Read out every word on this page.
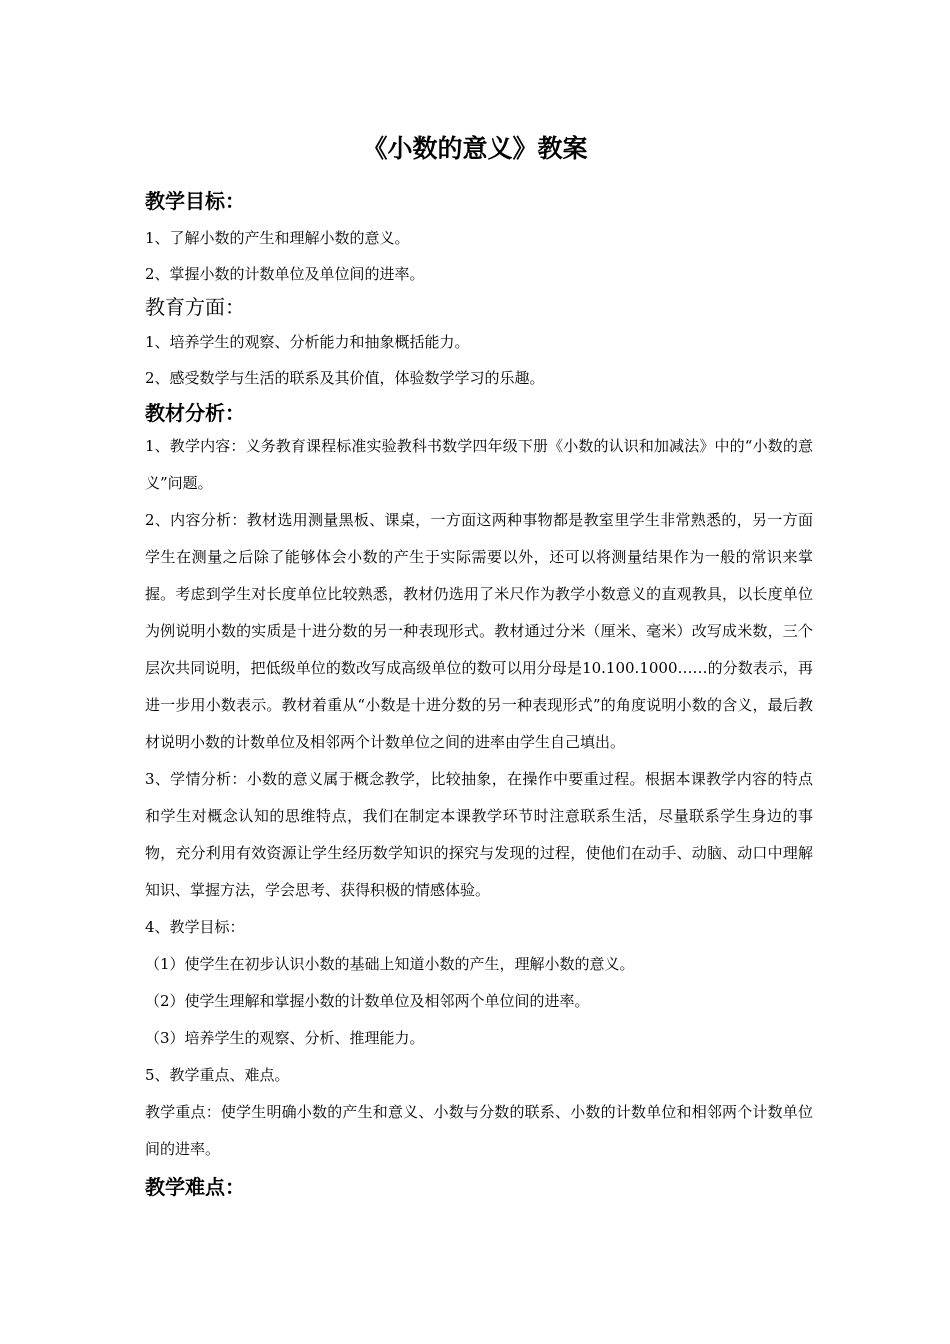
《小数的意义》教案
教学目标：

1、了解小数的产生和理解小数的意义。

2、掌握小数的计数单位及单位间的进率。

教育方面：

1、培养学生的观察、分析能力和抽象概括能力。

2、感受数学与生活的联系及其价值，体验数学学习的乐趣。

教材分析：

1、教学内容：义务教育课程标准实验教科书数学四年级下册《小数的认识和加减法》中的“小数的意义”问题。

2、内容分析：教材选用测量黑板、课桌，一方面这两种事物都是教室里学生非常熟悉的，另一方面学生在测量之后除了能够体会小数的产生于实际需要以外，还可以将测量结果作为一般的常识来掌握。考虑到学生对长度单位比较熟悉，教材仍选用了米尺作为教学小数意义的直观教具，以长度单位为例说明小数的实质是十进分数的另一种表现形式。教材通过分米（厘米、毫米）改写成米数，三个层次共同说明，把低级单位的数改写成高级单位的数可以用分母是10.100.1000……的分数表示，再进一步用小数表示。教材着重从“小数是十进分数的另一种表现形式”的角度说明小数的含义，最后教材说明小数的计数单位及相邻两个计数单位之间的进率由学生自己填出。

3、学情分析：小数的意义属于概念教学，比较抽象，在操作中要重过程。根据本课教学内容的特点和学生对概念认知的思维特点，我们在制定本课教学环节时注意联系生活，尽量联系学生身边的事物，充分利用有效资源让学生经历数学知识的探究与发现的过程，使他们在动手、动脑、动口中理解知识、掌握方法，学会思考、获得积极的情感体验。

4、教学目标：

（1）使学生在初步认识小数的基础上知道小数的产生，理解小数的意义。

（2）使学生理解和掌握小数的计数单位及相邻两个单位间的进率。

（3）培养学生的观察、分析、推理能力。

5、教学重点、难点。

教学重点：使学生明确小数的产生和意义、小数与分数的联系、小数的计数单位和相邻两个计数单位间的进率。

教学难点：
